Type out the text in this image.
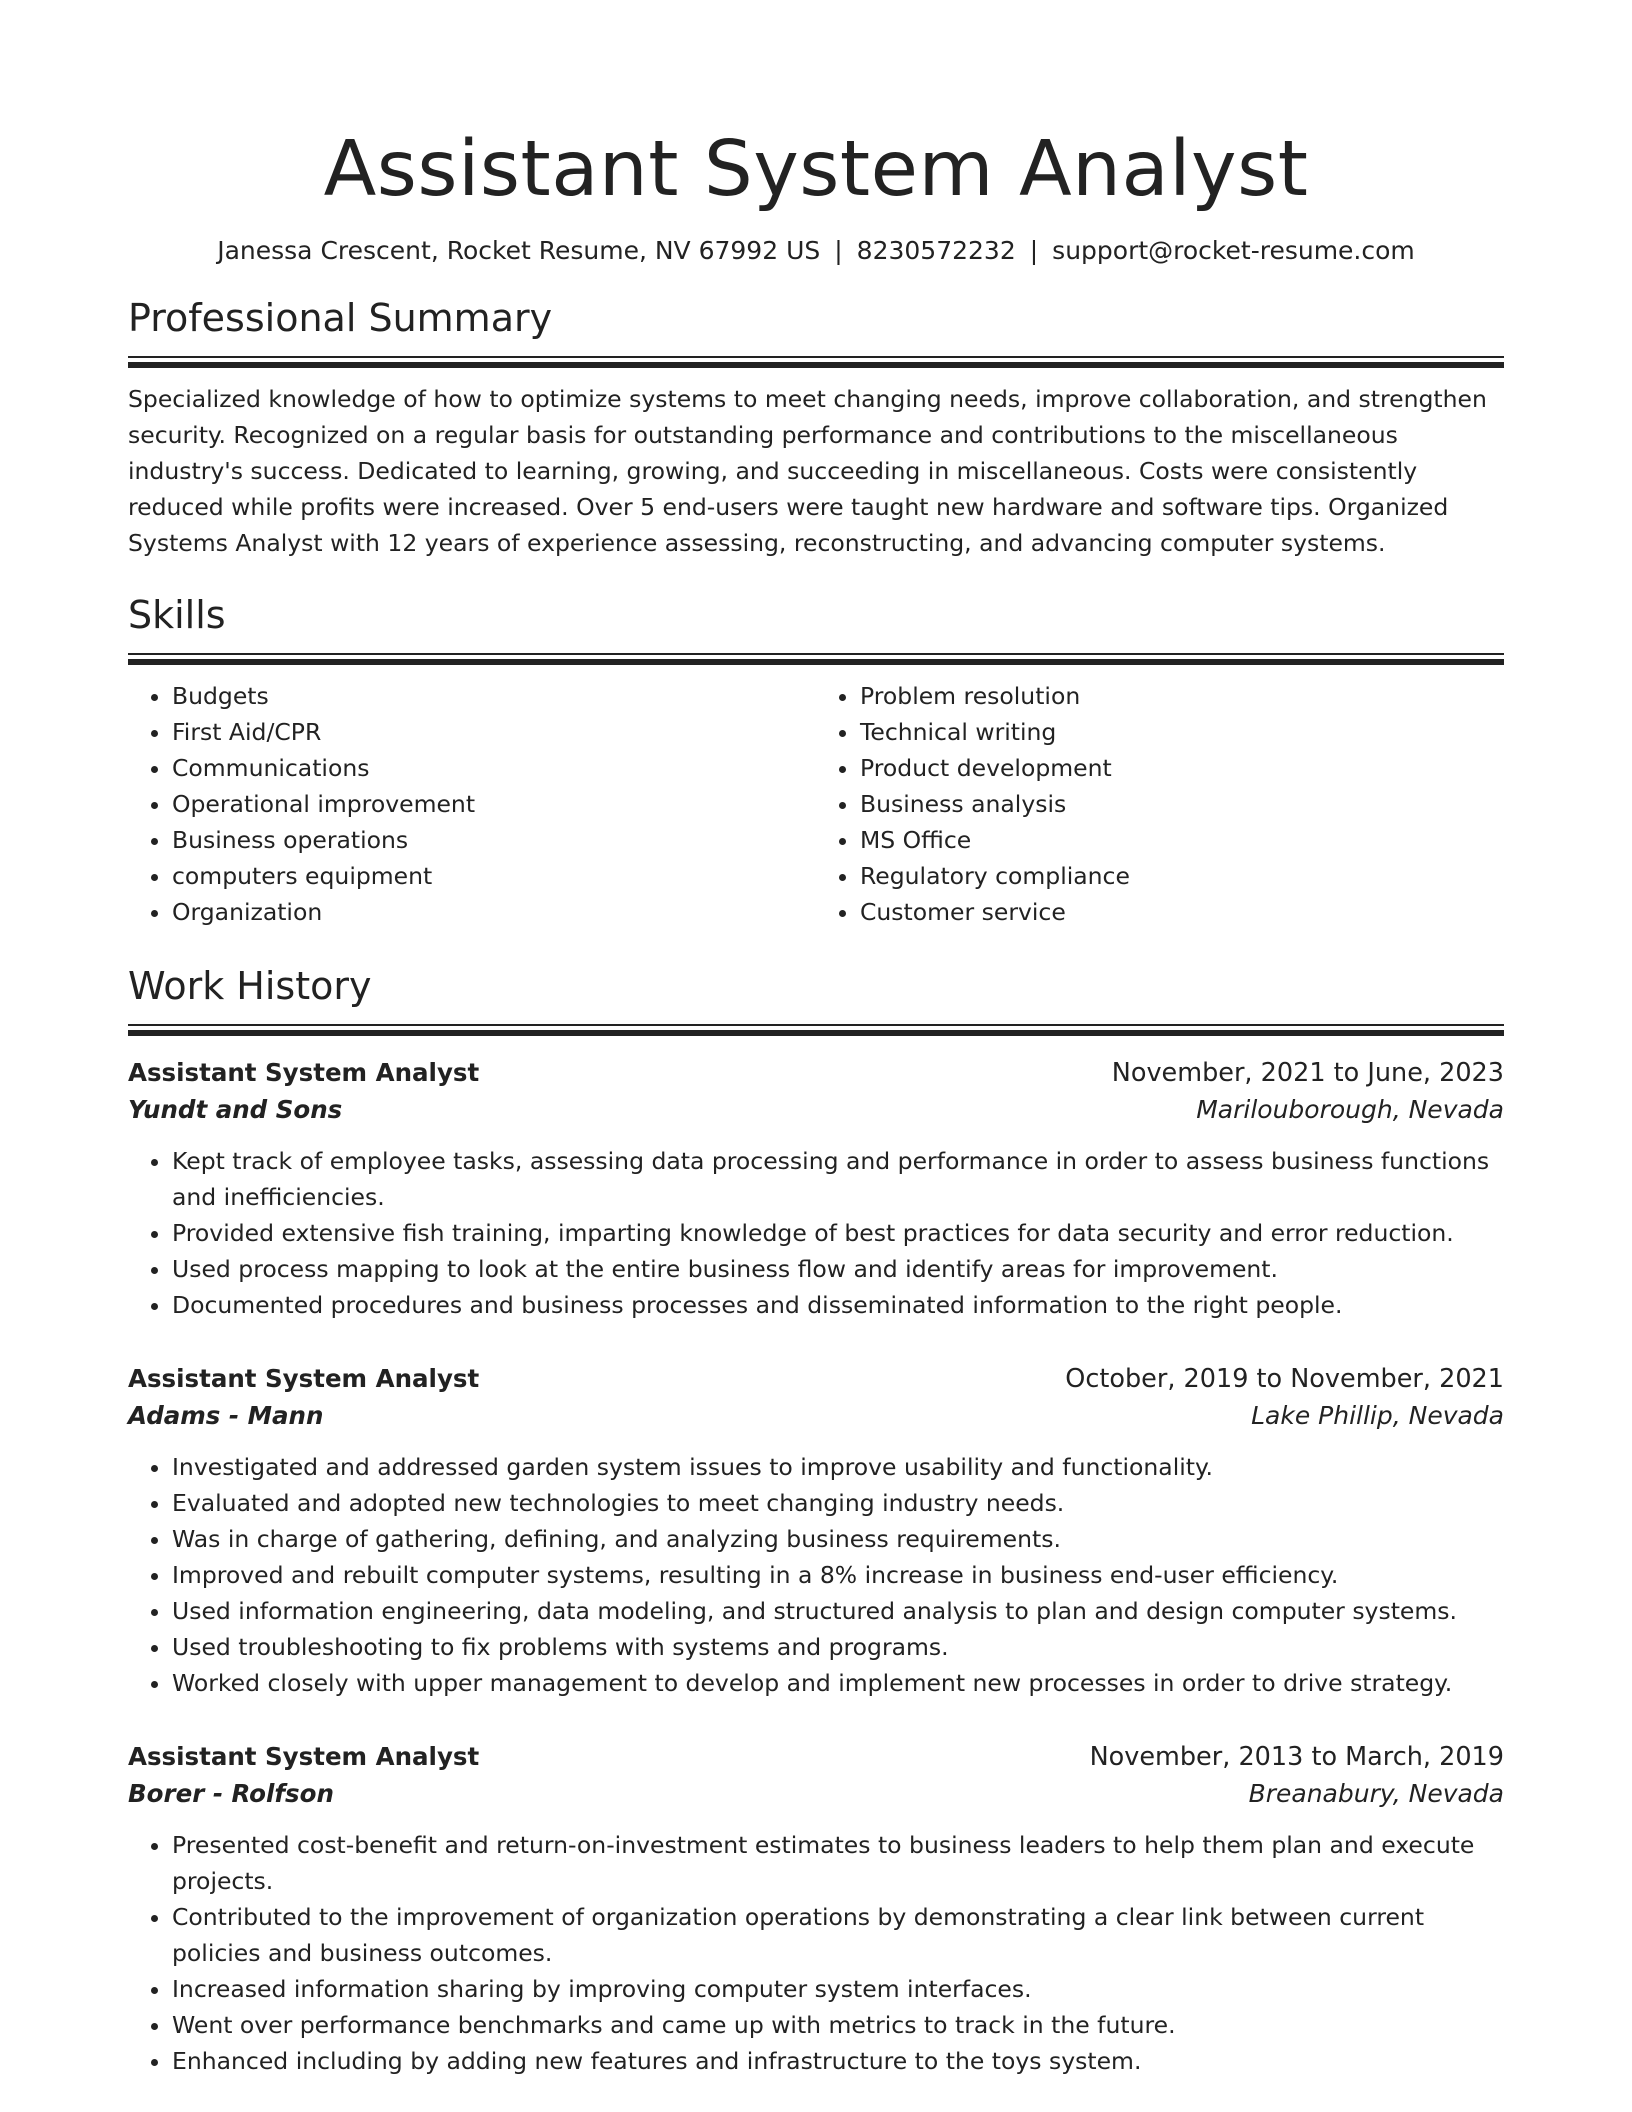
Assistant System Analyst
Janessa Crescent, Rocket Resume, NV 67992 US | 8230572232 | support@rocket-resume.com
Professional Summary

Specialized knowledge of how to optimize systems to meet changing needs, improve collaboration, and strengthen security. Recognized on a regular basis for outstanding performance and contributions to the miscellaneous industry's success. Dedicated to learning, growing, and succeeding in miscellaneous. Costs were consistently reduced while profits were increased. Over 5 end-users were taught new hardware and software tips. Organized Systems Analyst with 12 years of experience assessing, reconstructing, and advancing computer systems.

Skills
• Budgets
• First Aid/CPR
• Communications
• Operational improvement
• Business operations
• computers equipment
• Organization
• Problem resolution
• Technical writing
• Product development
• Business analysis
• MS Office
• Regulatory compliance
• Customer service
Work History
Assistant System Analyst	November, 2021 to June, 2023
Yundt and Sons	Marilouborough, Nevada
• Kept track of employee tasks, assessing data processing and performance in order to assess business functions and inefficiencies.
• Provided extensive fish training, imparting knowledge of best practices for data security and error reduction.
• Used process mapping to look at the entire business flow and identify areas for improvement.
• Documented procedures and business processes and disseminated information to the right people.
Assistant System Analyst	October, 2019 to November, 2021
Adams - Mann	Lake Phillip, Nevada
• Investigated and addressed garden system issues to improve usability and functionality.
• Evaluated and adopted new technologies to meet changing industry needs.
• Was in charge of gathering, defining, and analyzing business requirements.
• Improved and rebuilt computer systems, resulting in a 8% increase in business end-user efficiency.
• Used information engineering, data modeling, and structured analysis to plan and design computer systems.
• Used troubleshooting to fix problems with systems and programs.
• Worked closely with upper management to develop and implement new processes in order to drive strategy.
Assistant System Analyst	November, 2013 to March, 2019
Borer - Rolfson	Breanabury, Nevada
• Presented cost-benefit and return-on-investment estimates to business leaders to help them plan and execute projects.
• Contributed to the improvement of organization operations by demonstrating a clear link between current policies and business outcomes.
• Increased information sharing by improving computer system interfaces.
• Went over performance benchmarks and came up with metrics to track in the future.
• Enhanced including by adding new features and infrastructure to the toys system.
